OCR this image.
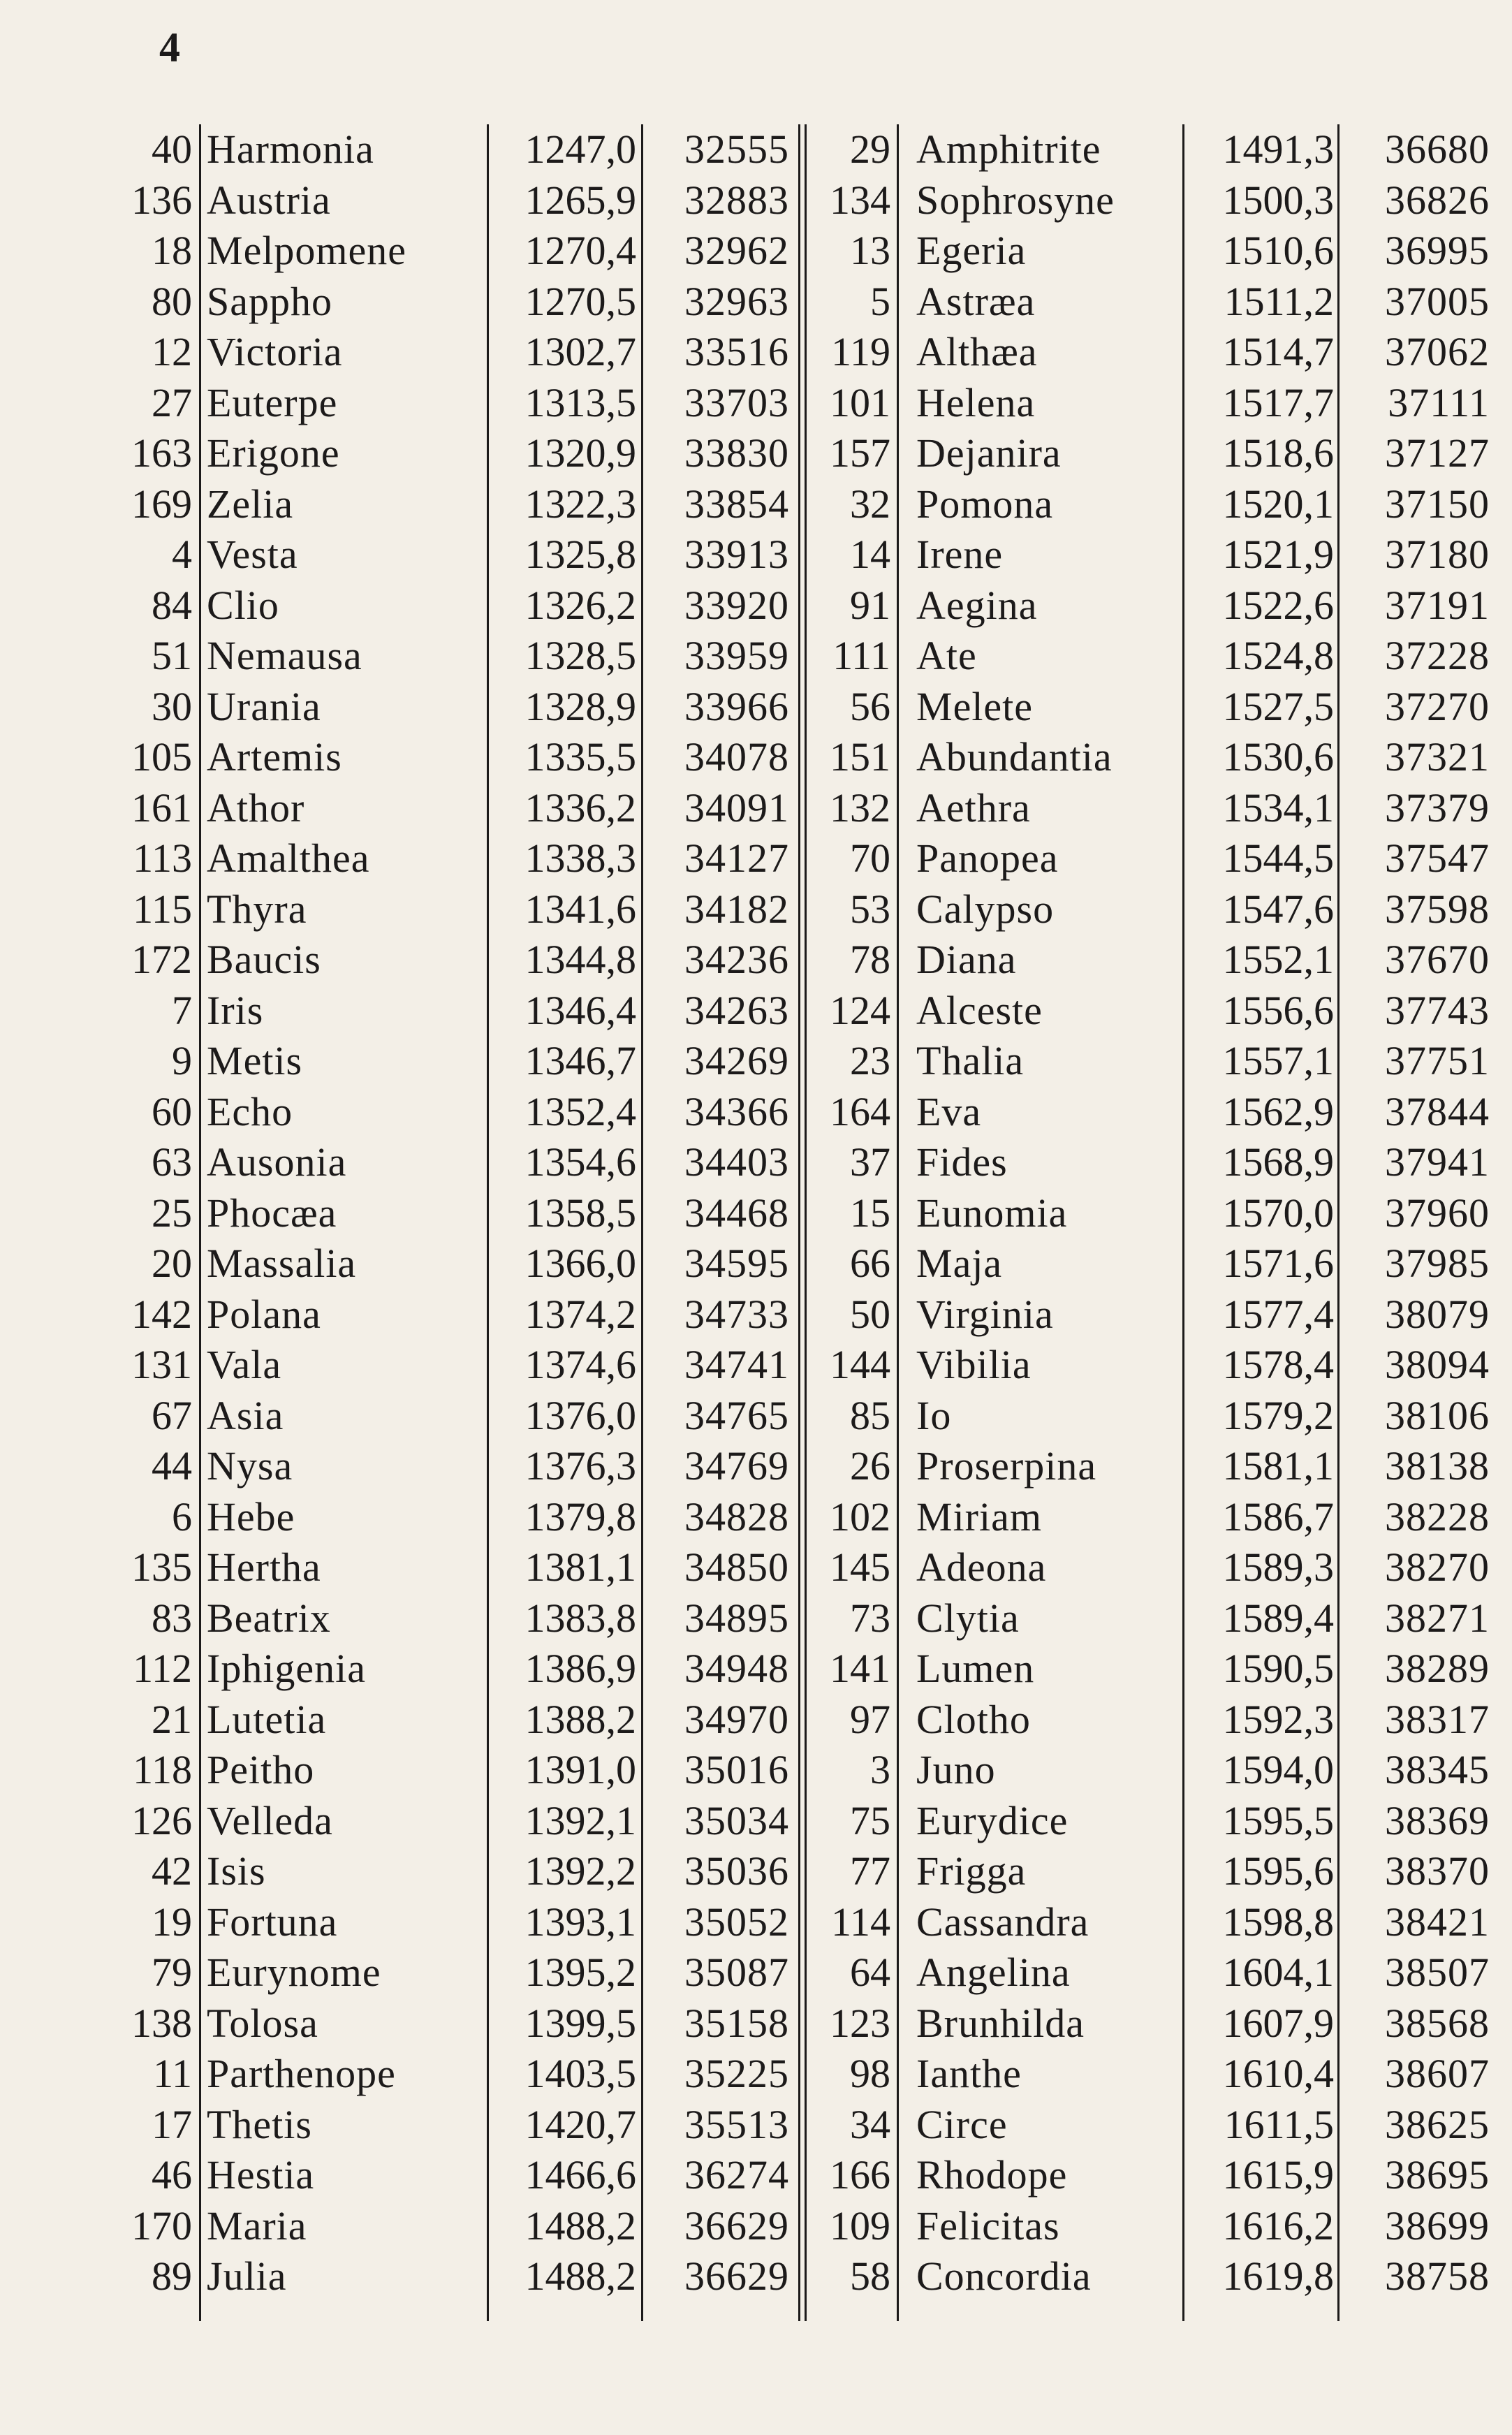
4
40 Harmonia	1247,0	32555	29 Amphitrite	1491,3	36680
136 Austria	1265,9	32883	134 Sophrosyne	1500,3	36826
18 Melpomene	1270,4	32962	13 Egeria	1510,6	36995
80 Sappho	1270,5	32963	5 Astræa	1511,2	37005
12 Victoria	1302,7	33516	119 Althæa	1514,7	37062
27 Euterpe	1313,5	33703	101 Helena	1517,7	37111
163 Erigone	1320,9	33830	157 Dejanira	1518,6	37127
169 Zelia	1322,3	33854	32 Pomona	1520,1	37150
4 Vesta	1325,8	33913	14 Irene	1521,9	37180
84 Clio	1326,2	33920	91 Aegina	1522,6	37191
51 Nemausa	1328,5	33959	111 Ate	1524,8	37228
30 Urania	1328,9	33966	56 Melete	1527,5	37270
105 Artemis	1335,5	34078	151 Abundantia	1530,6	37321
161 Athor	1336,2	34091	132 Aethra	1534,1	37379
113 Amalthea	1338,3	34127	70 Panopea	1544,5	37547
115 Thyra	1341,6	34182	53 Calypso	1547,6	37598
172 Baucis	1344,8	34236	78 Diana	1552,1	37670
7 Iris	1346,4	34263	124 Alceste	1556,6	37743
9 Metis	1346,7	34269	23 Thalia	1557,1	37751
60 Echo	1352,4	34366	164 Eva	1562,9	37844
63 Ausonia	1354,6	34403	37 Fides	1568,9	37941
25 Phocæa	1358,5	34468	15 Eunomia	1570,0	37960
20 Massalia	1366,0	34595	66 Maja	1571,6	37985
142 Polana	1374,2	34733	50 Virginia	1577,4	38079
131 Vala	1374,6	34741	144 Vibilia	1578,4	38094
67 Asia	1376,0	34765	85 Io	1579,2	38106
44 Nysa	1376,3	34769	26 Proserpina	1581,1	38138
6 Hebe	1379,8	34828	102 Miriam	1586,7	38228
135 Hertha	1381,1	34850	145 Adeona	1589,3	38270
83 Beatrix	1383,8	34895	73 Clytia	1589,4	38271
112 Iphigenia	1386,9	34948	141 Lumen	1590,5	38289
21 Lutetia	1388,2	34970	97 Clotho	1592,3	38317
118 Peitho	1391,0	35016	3 Juno	1594,0	38345
126 Velleda	1392,1	35034	75 Eurydice	1595,5	38369
42 Isis	1392,2	35036	77 Frigga	1595,6	38370
19 Fortuna	1393,1	35052	114 Cassandra	1598,8	38421
79 Eurynome	1395,2	35087	64 Angelina	1604,1	38507
138 Tolosa	1399,5	35158	123 Brunhilda	1607,9	38568
11 Parthenope	1403,5	35225	98 Ianthe	1610,4	38607
17 Thetis	1420,7	35513	34 Circe	1611,5	38625
46 Hestia	1466,6	36274	166 Rhodope	1615,9	38695
170 Maria	1488,2	36629	109 Felicitas	1616,2	38699
89 Julia	1488,2	36629	58 Concordia	1619,8	38758
